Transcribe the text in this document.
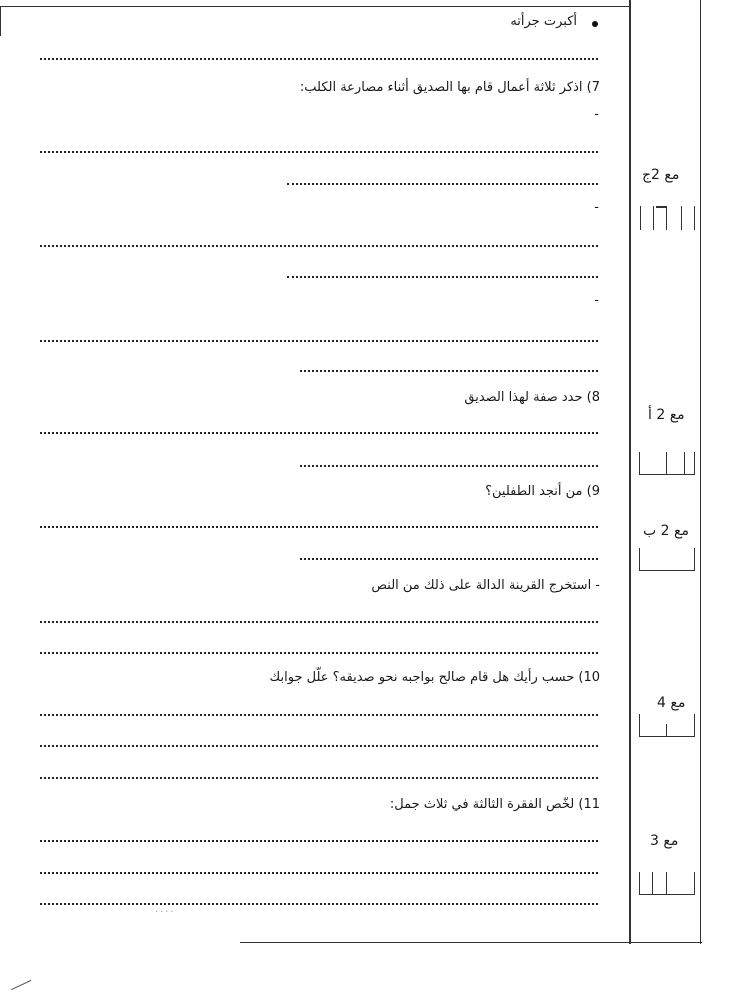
أكبرت جرأته
7) اذكر ثلاثة أعمال قام بها الصديق أثناء مصارعة الكلب:
-
-
-
8) حدد صفة لهذا الصديق
9) من أنجد الطفلين؟
- استخرج القرينة الدالة على ذلك من النص
10) حسب رأيك هل قام صالح بواجبه نحو صديقه؟ علّل جوابك
11) لخّص الفقرة الثالثة في ثلاث جمل:
....
مع 2ج
مع 2 أ
مع 2 ب
مع 4
مع 3
